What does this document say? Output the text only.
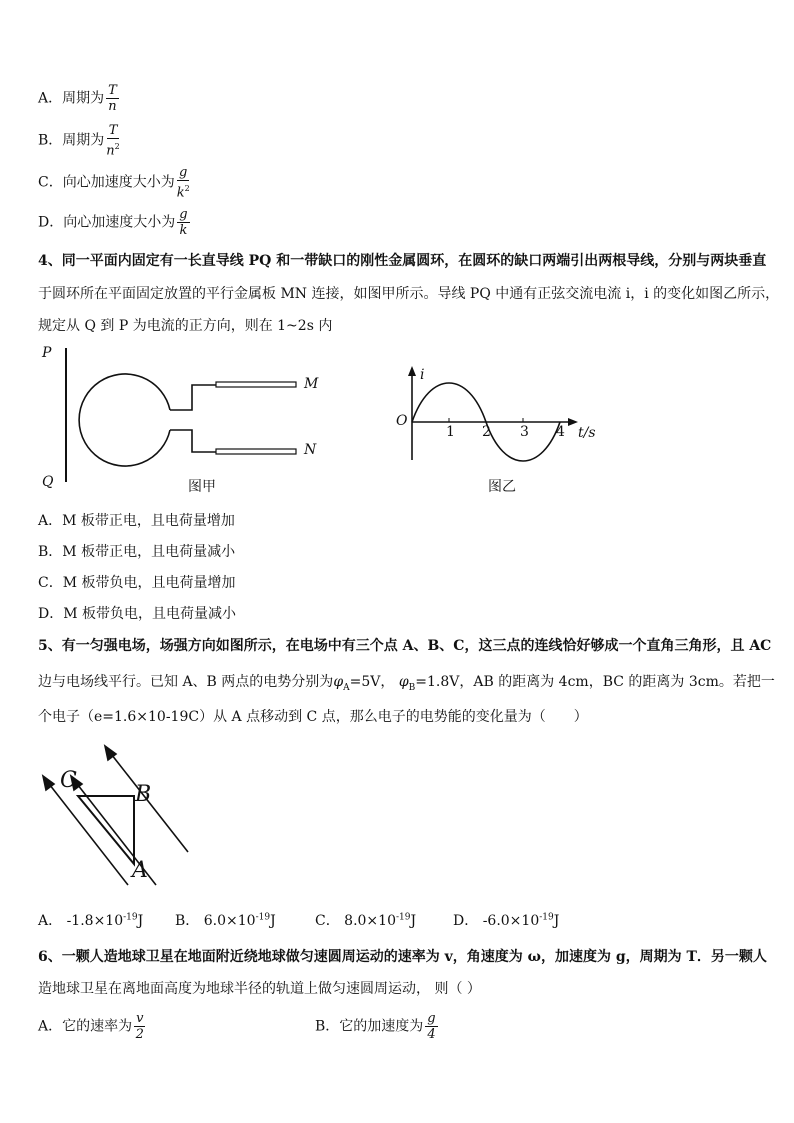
A．周期为 $\frac{T}{n}$
B．周期为 $\frac{T}{n^2}$
C．向心加速度大小为 $\frac{g}{k^2}$
D．向心加速度大小为 $\frac{g}{k}$
4、同一平面内固定有一长直导线 PQ 和一带缺口的刚性金属圆环，在圆环的缺口两端引出两根导线，分别与两块垂直
于圆环所在平面固定放置的平行金属板 MN 连接，如图甲所示。导线 PQ 中通有正弦交流电流 i，i 的变化如图乙所示，
规定从 Q 到 P 为电流的正方向，则在 1~2s 内
P
Q
M
N
图甲
i
O
1 2 3 4 t/s
图乙
A．M 板带正电，且电荷量增加
B．M 板带正电，且电荷量减小
C．M 板带负电，且电荷量增加
D．M 板带负电，且电荷量减小
5、有一匀强电场，场强方向如图所示，在电场中有三个点 A、B、C，这三点的连线恰好够成一个直角三角形，且 AC
边与电场线平行。已知 A、B 两点的电势分别为$\varphi_A=5V$， $\varphi_B=1.8V$，AB 的距离为 4cm，BC 的距离为 3cm。若把一
个电子（e=1.6×10-19C）从 A 点移动到 C 点，那么电子的电势能的变化量为（　　）
C
B
A
A． $-1.8\times 10^{-19}J$ B． $6.0\times 10^{-19}J$	C． $8.0\times 10^{-19}J$	D． $-6.0\times 10^{-19}J$
6、一颗人造地球卫星在地面附近绕地球做匀速圆周运动的速率为 v，角速度为 ω，加速度为 g，周期为 T．另一颗人
造地球卫星在离地面高度为地球半径的轨道上做匀速圆周运动， 则（ ）
A．它的速率为 $\frac{v}{2}$	B．它的加速度为 $\frac{g}{4}$
